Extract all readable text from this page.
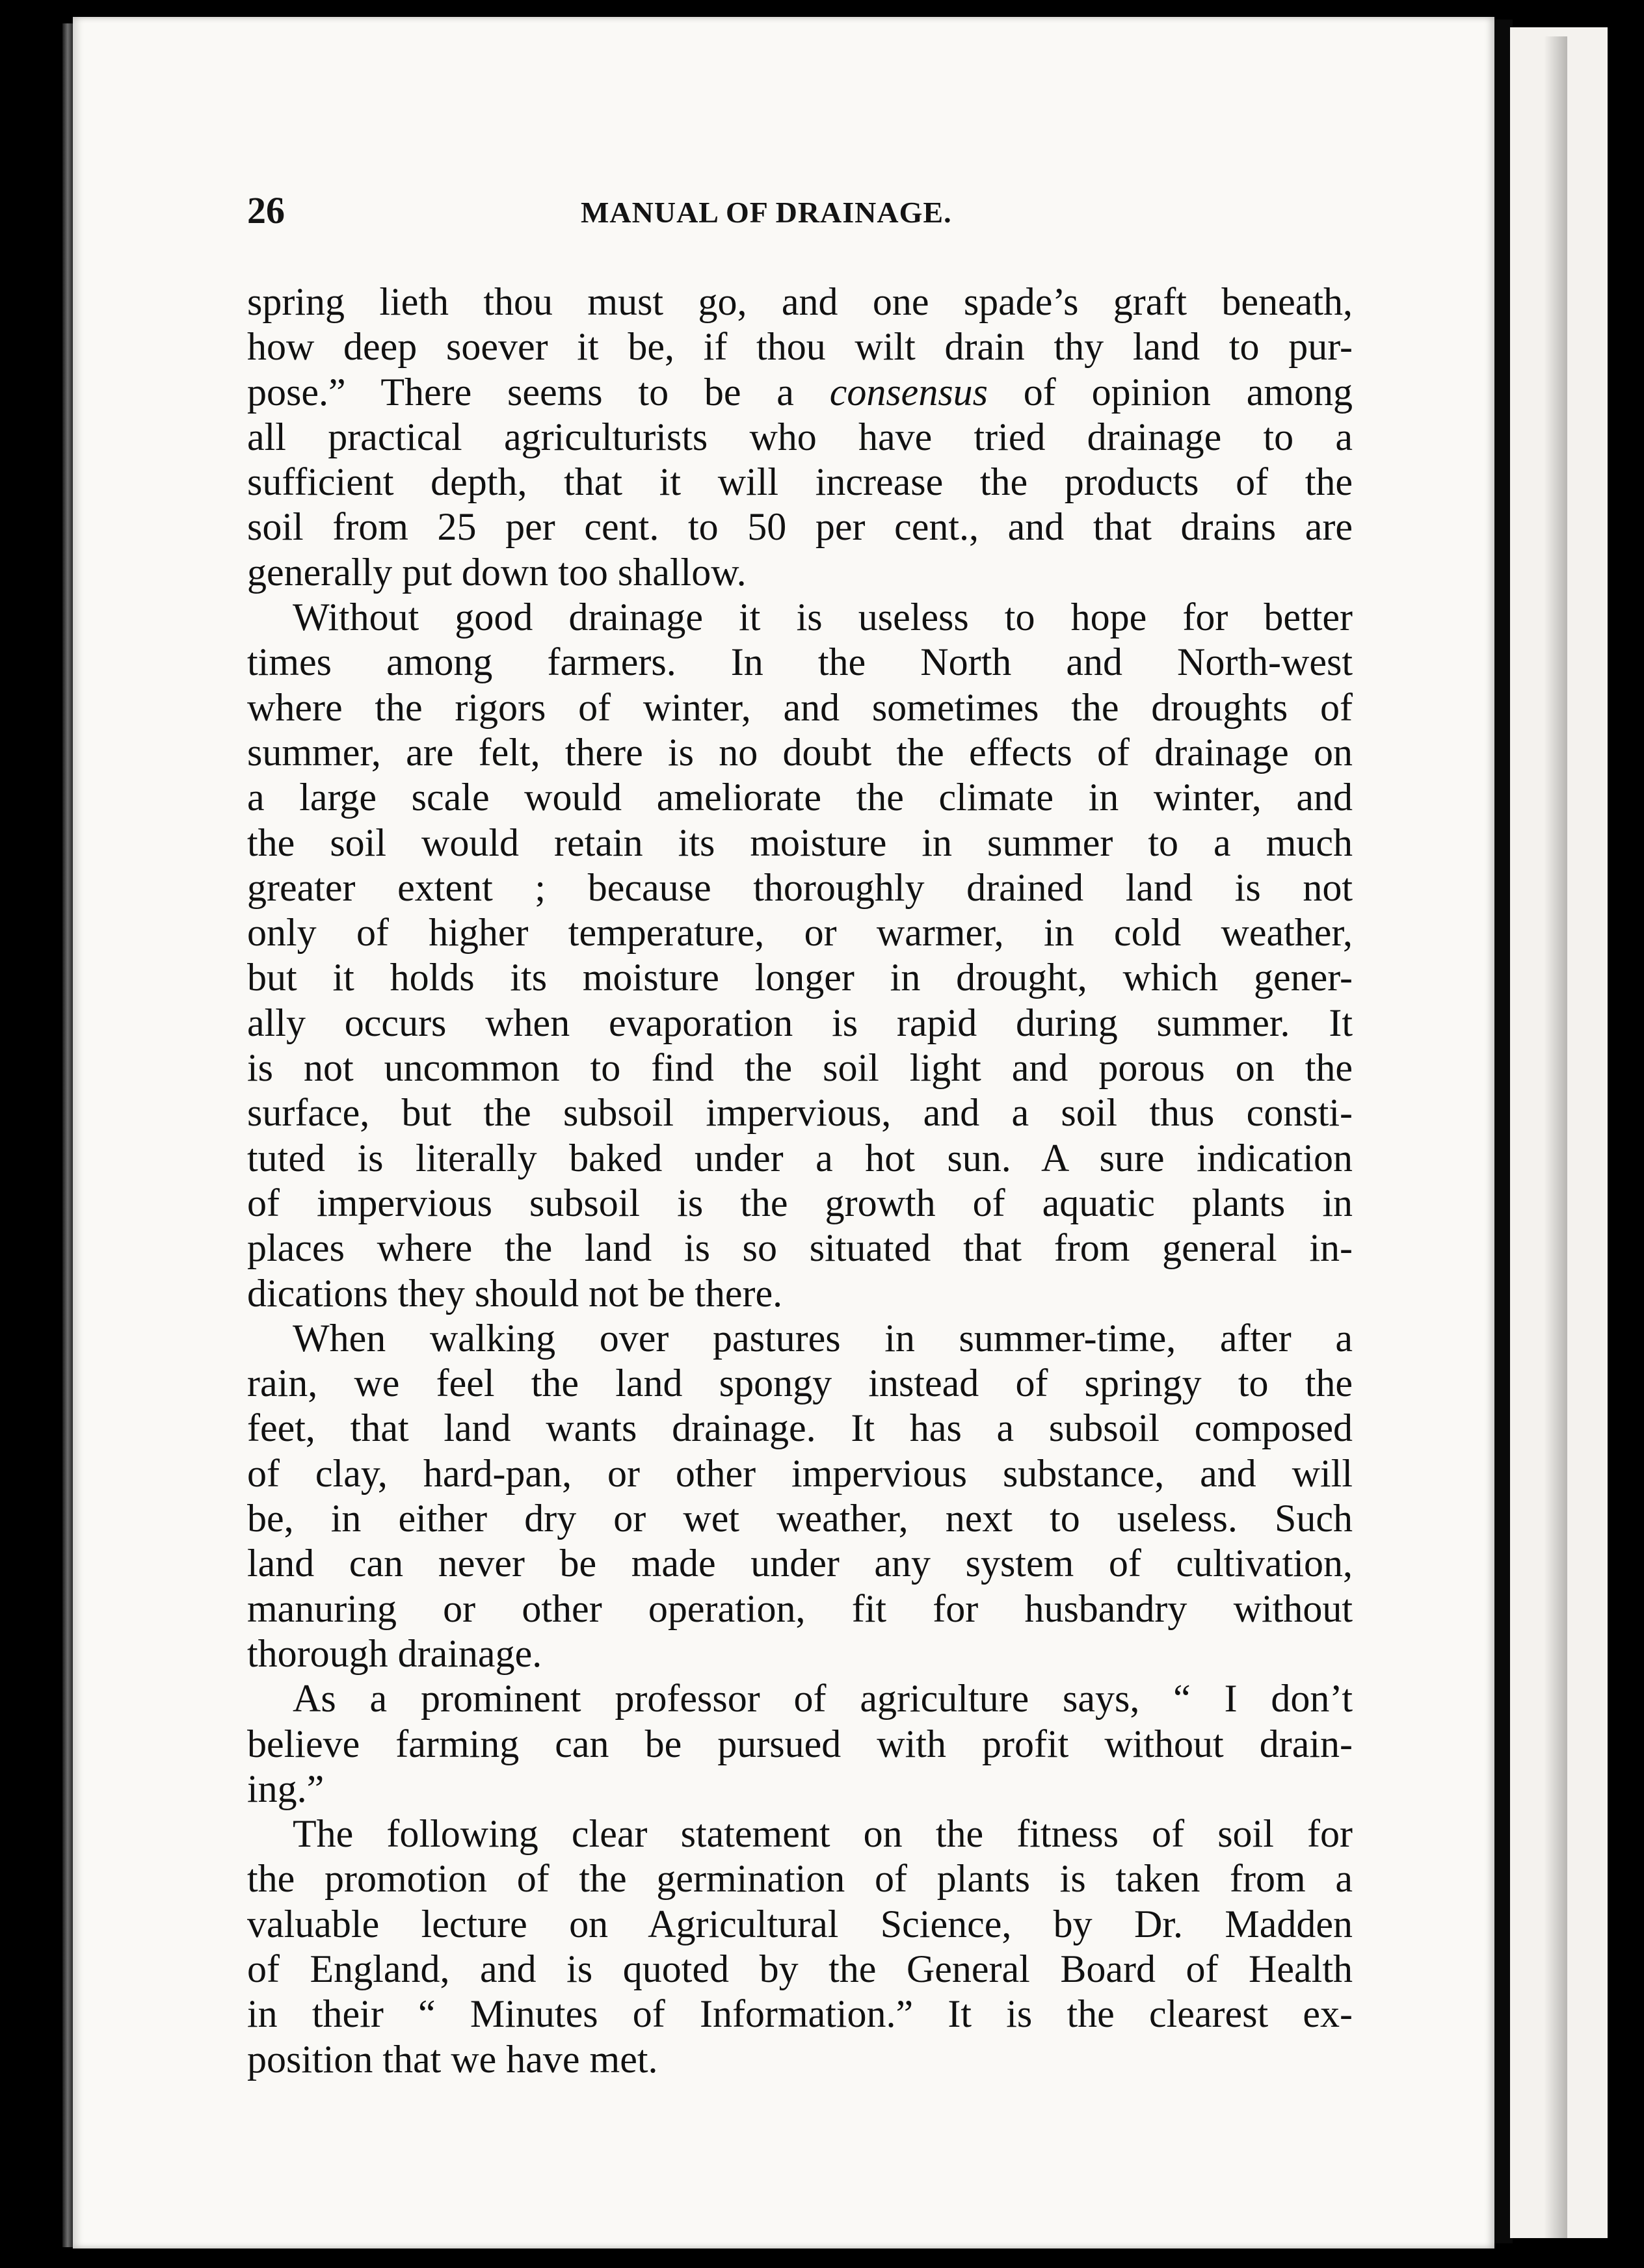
26	MANUAL OF DRAINAGE.
spring lieth thou must go, and one spade’s graft beneath,
how deep soever it be, if thou wilt drain thy land to pur-
pose.” There seems to be a consensus of opinion among
all practical agriculturists who have tried drainage to a
sufficient depth, that it will increase the products of the
soil from 25 per cent. to 50 per cent., and that drains are
generally put down too shallow.
Without good drainage it is useless to hope for better
times among farmers. In the North and North-west
where the rigors of winter, and sometimes the droughts of
summer, are felt, there is no doubt the effects of drainage on
a large scale would ameliorate the climate in winter, and
the soil would retain its moisture in summer to a much
greater extent ; because thoroughly drained land is not
only of higher temperature, or warmer, in cold weather,
but it holds its moisture longer in drought, which gener-
ally occurs when evaporation is rapid during summer. It
is not uncommon to find the soil light and porous on the
surface, but the subsoil impervious, and a soil thus consti-
tuted is literally baked under a hot sun. A sure indication
of impervious subsoil is the growth of aquatic plants in
places where the land is so situated that from general in-
dications they should not be there.
When walking over pastures in summer-time, after a
rain, we feel the land spongy instead of springy to the
feet, that land wants drainage. It has a subsoil composed
of clay, hard-pan, or other impervious substance, and will
be, in either dry or wet weather, next to useless. Such
land can never be made under any system of cultivation,
manuring or other operation, fit for husbandry without
thorough drainage.
As a prominent professor of agriculture says, “ I don’t
believe farming can be pursued with profit without drain-
ing.”
The following clear statement on the fitness of soil for
the promotion of the germination of plants is taken from a
valuable lecture on Agricultural Science, by Dr. Madden
of England, and is quoted by the General Board of Health
in their “ Minutes of Information.” It is the clearest ex-
position that we have met.
